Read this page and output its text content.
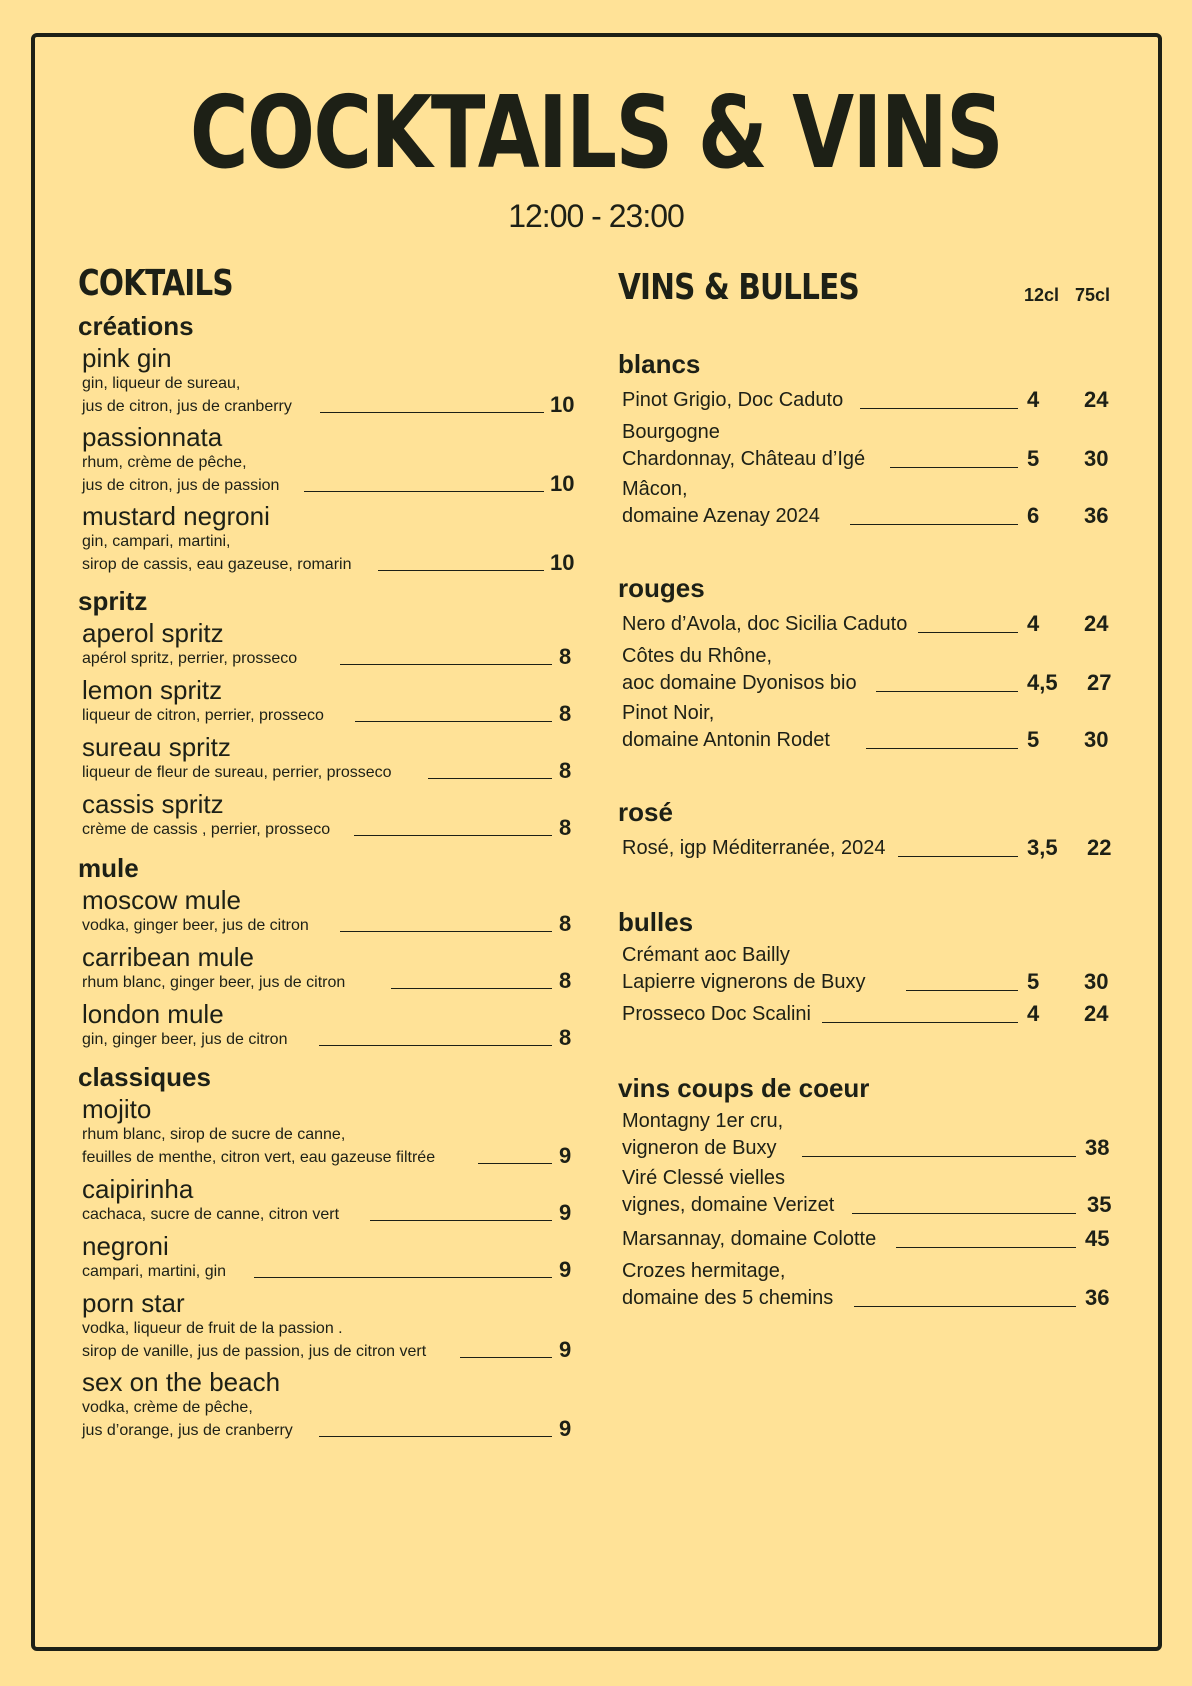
COCKTAILS & VINS
12:00 - 23:00
COKTAILS
créations
pink gin
gin, liqueur de sureau,
jus de citron, jus de cranberry	10
passionnata
rhum, crème de pêche,
jus de citron, jus de passion	10
mustard negroni
gin, campari, martini,
sirop de cassis, eau gazeuse, romarin	10
spritz
aperol spritz
apérol spritz, perrier, prosseco	8
lemon spritz
liqueur de citron, perrier, prosseco	8
sureau spritz
liqueur de fleur de sureau, perrier, prosseco	8
cassis spritz
crème de cassis , perrier, prosseco	8
mule
moscow mule
vodka, ginger beer, jus de citron	8
carribean mule
rhum blanc, ginger beer, jus de citron	8
london mule
gin, ginger beer, jus de citron	8
classiques
mojito
rhum blanc, sirop de sucre de canne,
feuilles de menthe, citron vert, eau gazeuse filtrée	9
caipirinha
cachaca, sucre de canne, citron vert	9
negroni
campari, martini, gin	9
porn star
vodka, liqueur de fruit de la passion .
sirop de vanille, jus de passion, jus de citron vert	9
sex on the beach
vodka, crème de pêche,
jus d’orange, jus de cranberry	9
VINS & BULLES	12cl 75cl
blancs
Pinot Grigio, Doc Caduto	4 24
Bourgogne
Chardonnay, Château d’Igé	5 30
Mâcon,
domaine Azenay 2024	6 36
rouges
Nero d’Avola, doc Sicilia Caduto	4 24
Côtes du Rhône,
aoc domaine Dyonisos bio	4,5 27
Pinot Noir,
domaine Antonin Rodet	5 30
rosé
Rosé, igp Méditerranée, 2024	3,5 22
bulles
Crémant aoc Bailly
Lapierre vignerons de Buxy	5 30
Prosseco Doc Scalini	4 24
vins coups de coeur
Montagny 1er cru,
vigneron de Buxy	38
Viré Clessé vielles
vignes, domaine Verizet	35
Marsannay, domaine Colotte	45
Crozes hermitage,
domaine des 5 chemins	36
